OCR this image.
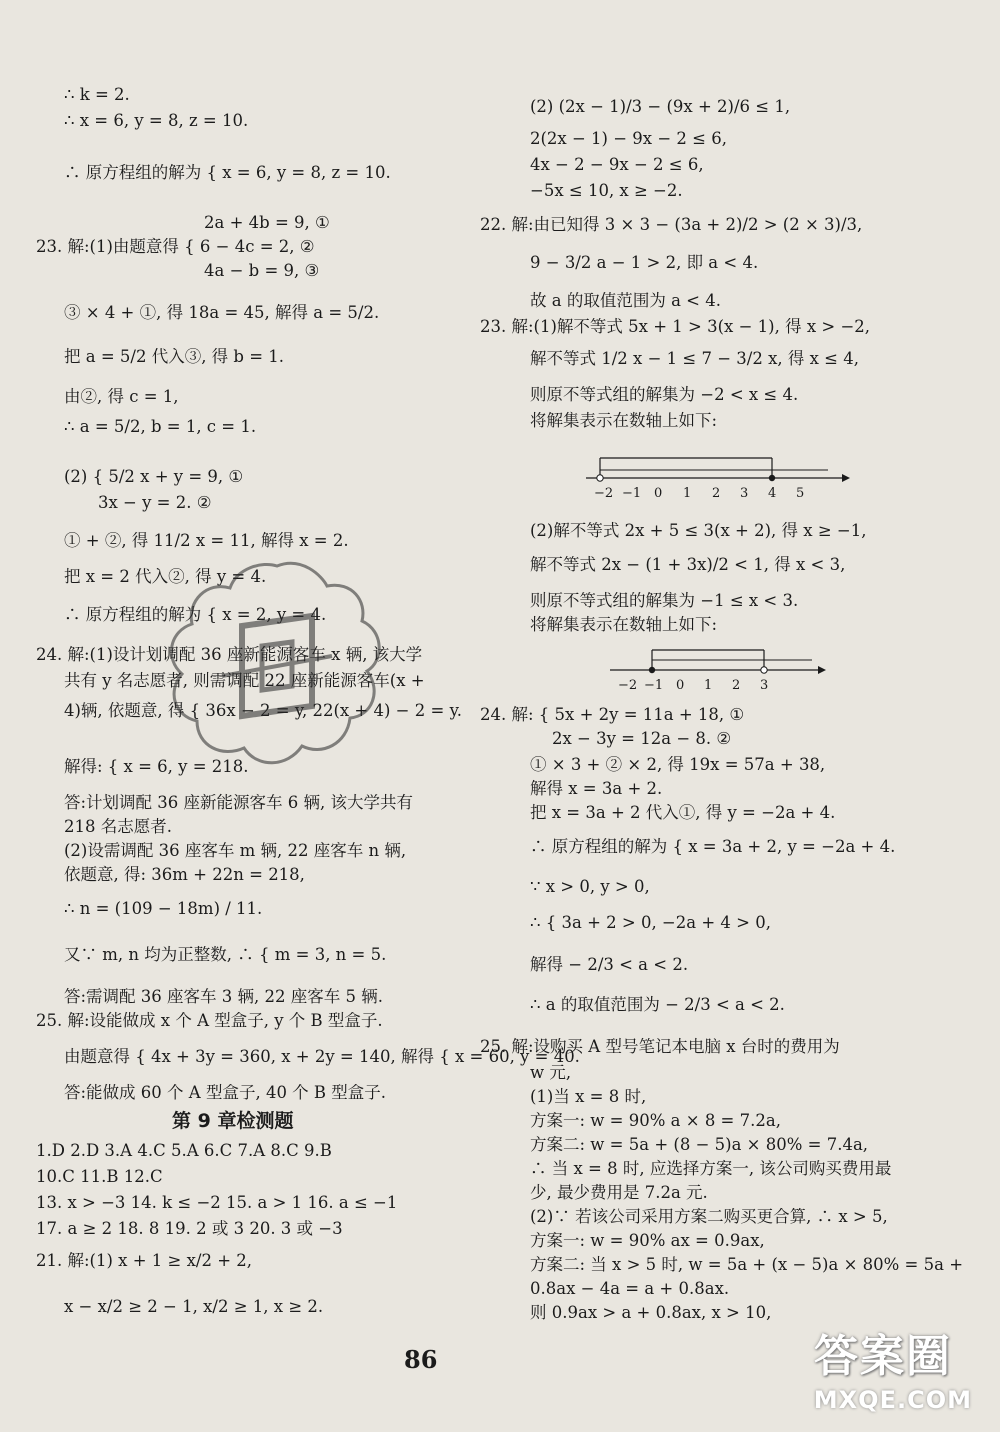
∴ k = 2.
∴ x = 6, y = 8, z = 10.
∴ 原方程组的解为 { x = 6, y = 8, z = 10.
2a + 4b = 9, ①
23. 解:(1)由题意得 { 6 − 4c = 2, ②
4a − b = 9, ③
③ × 4 + ①, 得 18a = 45, 解得 a = 5/2.
把 a = 5/2 代入③, 得 b = 1.
由②, 得 c = 1,
∴ a = 5/2, b = 1, c = 1.
(2) { 5/2 x + y = 9, ①
3x − y = 2. ②
① + ②, 得 11/2 x = 11, 解得 x = 2.
把 x = 2 代入②, 得 y = 4.
∴ 原方程组的解为 { x = 2, y = 4.
24. 解:(1)设计划调配 36 座新能源客车 x 辆, 该大学
共有 y 名志愿者, 则需调配 22 座新能源客车(x +
4)辆, 依题意, 得 { 36x − 2 = y, 22(x + 4) − 2 = y.
解得: { x = 6, y = 218.
答:计划调配 36 座新能源客车 6 辆, 该大学共有
218 名志愿者.
(2)设需调配 36 座客车 m 辆, 22 座客车 n 辆,
依题意, 得: 36m + 22n = 218,
∴ n = (109 − 18m) / 11.
又∵ m, n 均为正整数, ∴ { m = 3, n = 5.
答:需调配 36 座客车 3 辆, 22 座客车 5 辆.
25. 解:设能做成 x 个 A 型盒子, y 个 B 型盒子.
由题意得 { 4x + 3y = 360, x + 2y = 140, 解得 { x = 60, y = 40.
答:能做成 60 个 A 型盒子, 40 个 B 型盒子.
第 9 章检测题
1.D 2.D 3.A 4.C 5.A 6.C 7.A 8.C 9.B
10.C 11.B 12.C
13. x > −3 14. k ≤ −2 15. a > 1 16. a ≤ −1
17. a ≥ 2 18. 8 19. 2 或 3 20. 3 或 −3
21. 解:(1) x + 1 ≥ x/2 + 2,
x − x/2 ≥ 2 − 1, x/2 ≥ 1, x ≥ 2.
(2) (2x − 1)/3 − (9x + 2)/6 ≤ 1,
2(2x − 1) − 9x − 2 ≤ 6,
4x − 2 − 9x − 2 ≤ 6,
−5x ≤ 10, x ≥ −2.
22. 解:由已知得 3 × 3 − (3a + 2)/2 > (2 × 3)/3,
9 − 3/2 a − 1 > 2, 即 a < 4.
故 a 的取值范围为 a < 4.
23. 解:(1)解不等式 5x + 1 > 3(x − 1), 得 x > −2,
解不等式 1/2 x − 1 ≤ 7 − 3/2 x, 得 x ≤ 4,
则原不等式组的解集为 −2 < x ≤ 4.
将解集表示在数轴上如下:
−2 −1 0 1 2 3 4 5
(2)解不等式 2x + 5 ≤ 3(x + 2), 得 x ≥ −1,
解不等式 2x − (1 + 3x)/2 < 1, 得 x < 3,
则原不等式组的解集为 −1 ≤ x < 3.
将解集表示在数轴上如下:
−2 −1 0 1 2 3
24. 解: { 5x + 2y = 11a + 18, ①
2x − 3y = 12a − 8. ②
① × 3 + ② × 2, 得 19x = 57a + 38,
解得 x = 3a + 2.
把 x = 3a + 2 代入①, 得 y = −2a + 4.
∴ 原方程组的解为 { x = 3a + 2, y = −2a + 4.
∵ x > 0, y > 0,
∴ { 3a + 2 > 0, −2a + 4 > 0,
解得 − 2/3 < a < 2.
∴ a 的取值范围为 − 2/3 < a < 2.
25. 解:设购买 A 型号笔记本电脑 x 台时的费用为
w 元,
(1)当 x = 8 时,
方案一: w = 90% a × 8 = 7.2a,
方案二: w = 5a + (8 − 5)a × 80% = 7.4a,
∴ 当 x = 8 时, 应选择方案一, 该公司购买费用最
少, 最少费用是 7.2a 元.
(2)∵ 若该公司采用方案二购买更合算, ∴ x > 5,
方案一: w = 90% ax = 0.9ax,
方案二: 当 x > 5 时, w = 5a + (x − 5)a × 80% = 5a +
0.8ax − 4a = a + 0.8ax.
则 0.9ax > a + 0.8ax, x > 10,
86	答案圈
MXQE.COM
